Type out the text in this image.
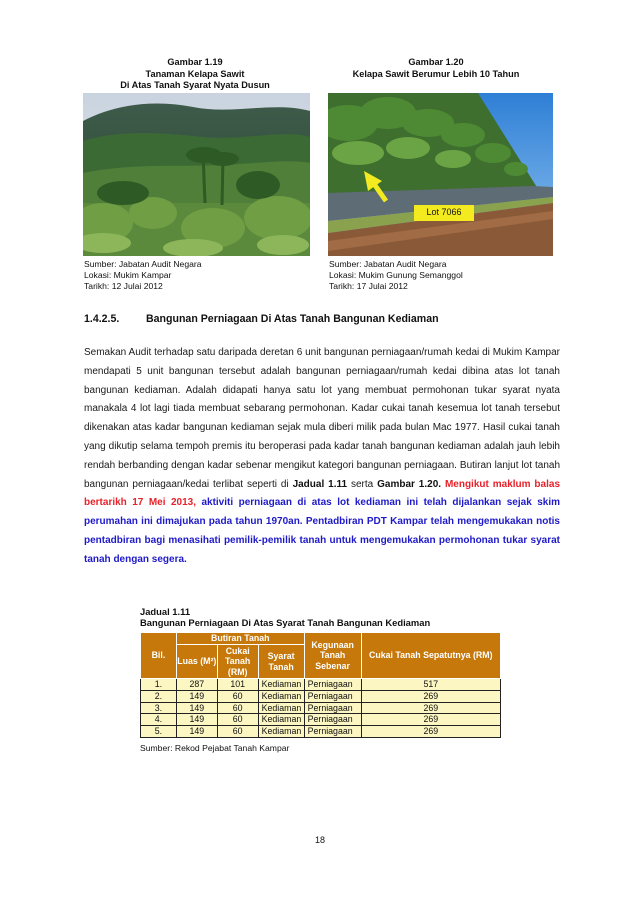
Gambar 1.19
Tanaman Kelapa Sawit
Di Atas Tanah Syarat Nyata Dusun
Sumber: Jabatan Audit Negara
Lokasi: Mukim Kampar
Tarikh: 12 Julai 2012
Gambar 1.20
Kelapa Sawit Berumur Lebih 10 Tahun
Lot 7066
Sumber: Jabatan Audit Negara
Lokasi: Mukim Gunung Semanggol
Tarikh: 17 Julai 2012
1.4.2.5.	Bangunan Perniagaan Di Atas Tanah Bangunan Kediaman
Semakan Audit terhadap satu daripada deretan 6 unit bangunan perniagaan/rumah kedai di Mukim Kampar mendapati 5 unit bangunan tersebut adalah bangunan perniagaan/rumah kedai dibina atas lot tanah bangunan kediaman. Adalah didapati hanya satu lot yang membuat permohonan tukar syarat nyata manakala 4 lot lagi tiada membuat sebarang permohonan. Kadar cukai tanah kesemua lot tanah tersebut dikenakan atas kadar bangunan kediaman sejak mula diberi milik pada bulan Mac 1977. Hasil cukai tanah yang dikutip selama tempoh premis itu beroperasi pada kadar tanah bangunan kediaman adalah jauh lebih rendah berbanding dengan kadar sebenar mengikut kategori bangunan perniagaan. Butiran lanjut lot tanah bangunan perniagaan/kedai terlibat seperti di Jadual 1.11 serta Gambar 1.20. Mengikut maklum balas bertarikh 17 Mei 2013, aktiviti perniagaan di atas lot kediaman ini telah dijalankan sejak skim perumahan ini dimajukan pada tahun 1970an. Pentadbiran PDT Kampar telah mengemukakan notis pentadbiran bagi menasihati pemilik-pemilik tanah untuk mengemukakan permohonan tukar syarat tanah dengan segera.
Jadual 1.11
Bangunan Perniagaan Di Atas Syarat Tanah Bangunan Kediaman
Bil.	Butiran Tanah			Kegunaan Tanah Sebenar	Cukai Tanah Sepatutnya (RM)
	Luas (M²)	Cukai Tanah (RM)	Syarat Tanah		
1.	287	101	Kediaman	Perniagaan	517
2.	149	60	Kediaman	Perniagaan	269
3.	149	60	Kediaman	Perniagaan	269
4.	149	60	Kediaman	Perniagaan	269
5.	149	60	Kediaman	Perniagaan	269
Sumber: Rekod Pejabat Tanah Kampar
18
